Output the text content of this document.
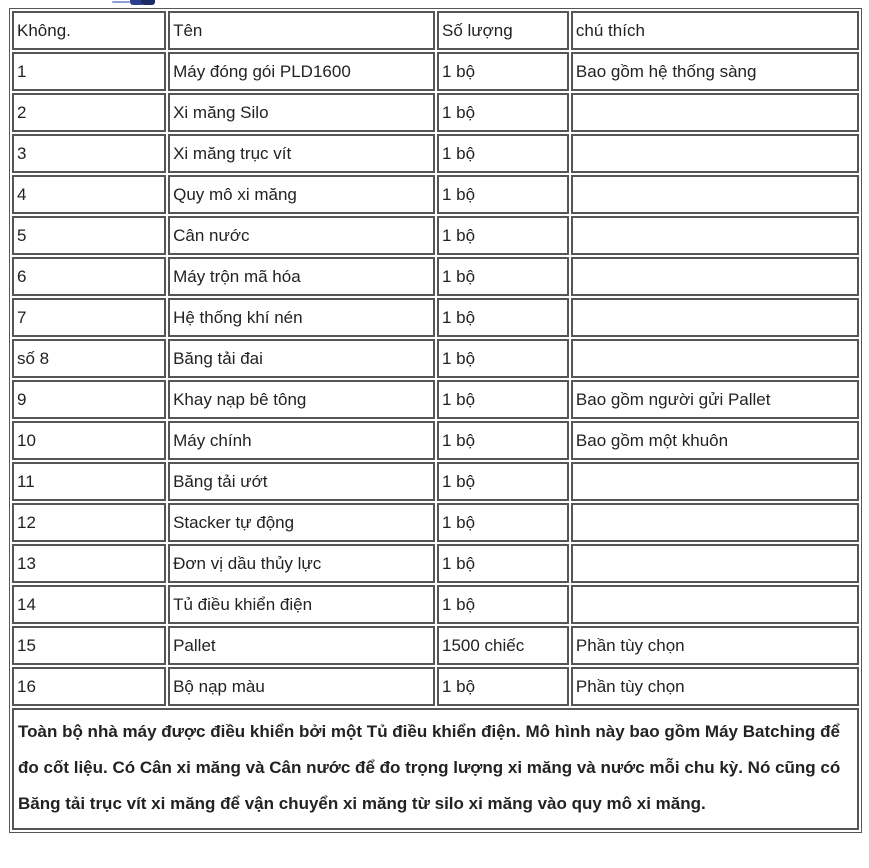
Không.	Tên	Số lượng	chú thích
1	Máy đóng gói PLD1600	1 bộ	Bao gồm hệ thống sàng
2	Xi măng Silo	1 bộ	
3	Xi măng trục vít	1 bộ	
4	Quy mô xi măng	1 bộ	
5	Cân nước	1 bộ	
6	Máy trộn mã hóa	1 bộ	
7	Hệ thống khí nén	1 bộ	
số 8	Băng tải đai	1 bộ	
9	Khay nạp bê tông	1 bộ	Bao gồm người gửi Pallet
10	Máy chính	1 bộ	Bao gồm một khuôn
11	Băng tải ướt	1 bộ	
12	Stacker tự động	1 bộ	
13	Đơn vị dầu thủy lực	1 bộ	
14	Tủ điều khiển điện	1 bộ	
15	Pallet	1500 chiếc	Phần tùy chọn
16	Bộ nạp màu	1 bộ	Phần tùy chọn
Toàn bộ nhà máy được điều khiển bởi một Tủ điều khiển điện. Mô hình này bao gồm Máy Batching để đo cốt liệu. Có Cân xi măng và Cân nước để đo trọng lượng xi măng và nước mỗi chu kỳ. Nó cũng có Băng tải trục vít xi măng để vận chuyển xi măng từ silo xi măng vào quy mô xi măng.			
